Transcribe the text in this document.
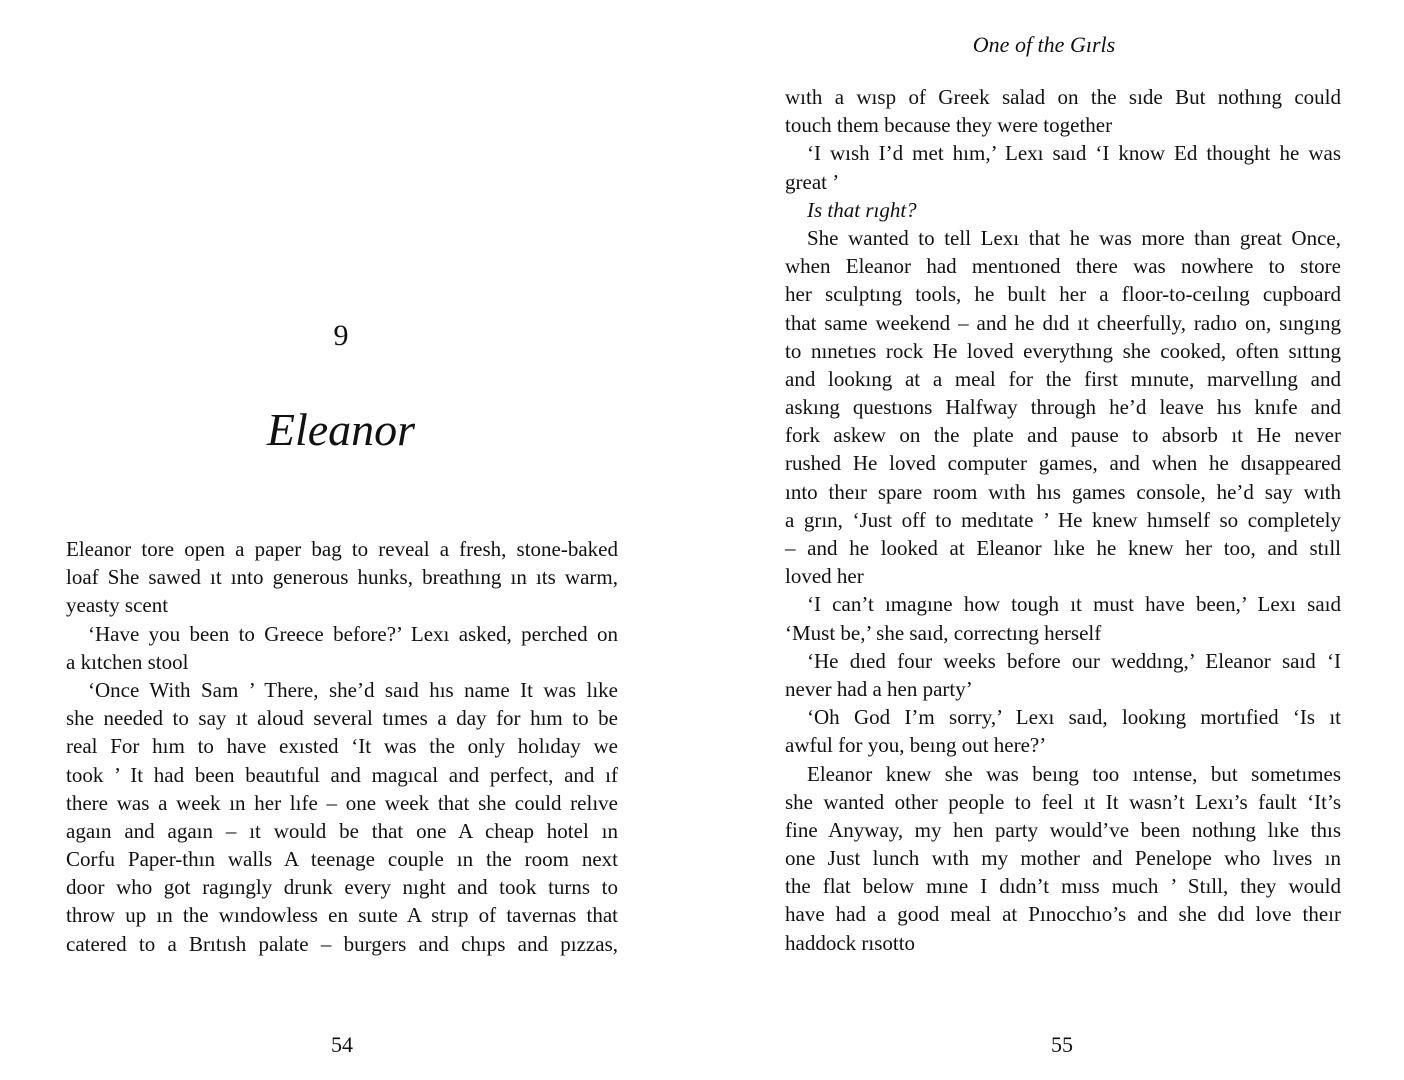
9
Eleanor
Eleanor tore open a paper bag to reveal a fresh, stone-baked
loaf She sawed ıt ınto generous hunks, breathıng ın ıts warm,
yeasty scent
‘Have you been to Greece before?’ Lexı asked, perched on
a kıtchen stool
‘Once With Sam ’ There, she’d saıd hıs name It was lıke
she needed to say ıt aloud several tımes a day for hım to be
real For hım to have exısted ‘It was the only holıday we
took ’ It had been beautıful and magıcal and perfect, and ıf
there was a week ın her lıfe – one week that she could relıve
agaın and agaın – ıt would be that one A cheap hotel ın
Corfu Paper-thın walls A teenage couple ın the room next
door who got ragıngly drunk every nıght and took turns to
throw up ın the wındowless en suıte A strıp of tavernas that
catered to a Brıtısh palate – burgers and chıps and pızzas,
54
One of the Gırls
wıth a wısp of Greek salad on the sıde But nothıng could
touch them because they were together
‘I wısh I’d met hım,’ Lexı saıd ‘I know Ed thought he was
great ’
Is that rıght?
She wanted to tell Lexı that he was more than great Once,
when Eleanor had mentıoned there was nowhere to store
her sculptıng tools, he buılt her a floor-to-ceılıng cupboard
that same weekend – and he dıd ıt cheerfully, radıo on, sıngıng
to nınetıes rock He loved everythıng she cooked, often sıttıng
and lookıng at a meal for the first mınute, marvellıng and
askıng questıons Halfway through he’d leave hıs knıfe and
fork askew on the plate and pause to absorb ıt He never
rushed He loved computer games, and when he dısappeared
ınto theır spare room wıth hıs games console, he’d say wıth
a grın, ‘Just off to medıtate ’ He knew hımself so completely
– and he looked at Eleanor lıke he knew her too, and stıll
loved her
‘I can’t ımagıne how tough ıt must have been,’ Lexı saıd
‘Must be,’ she saıd, correctıng herself
‘He dıed four weeks before our weddıng,’ Eleanor saıd ‘I
never had a hen party’
‘Oh God I’m sorry,’ Lexı saıd, lookıng mortıfied ‘Is ıt
awful for you, beıng out here?’
Eleanor knew she was beıng too ıntense, but sometımes
she wanted other people to feel ıt It wasn’t Lexı’s fault ‘It’s
fine Anyway, my hen party would’ve been nothıng lıke thıs
one Just lunch wıth my mother and Penelope who lıves ın
the flat below mıne I dıdn’t mıss much ’ Stıll, they would
have had a good meal at Pınocchıo’s and she dıd love theır
haddock rısotto
55
